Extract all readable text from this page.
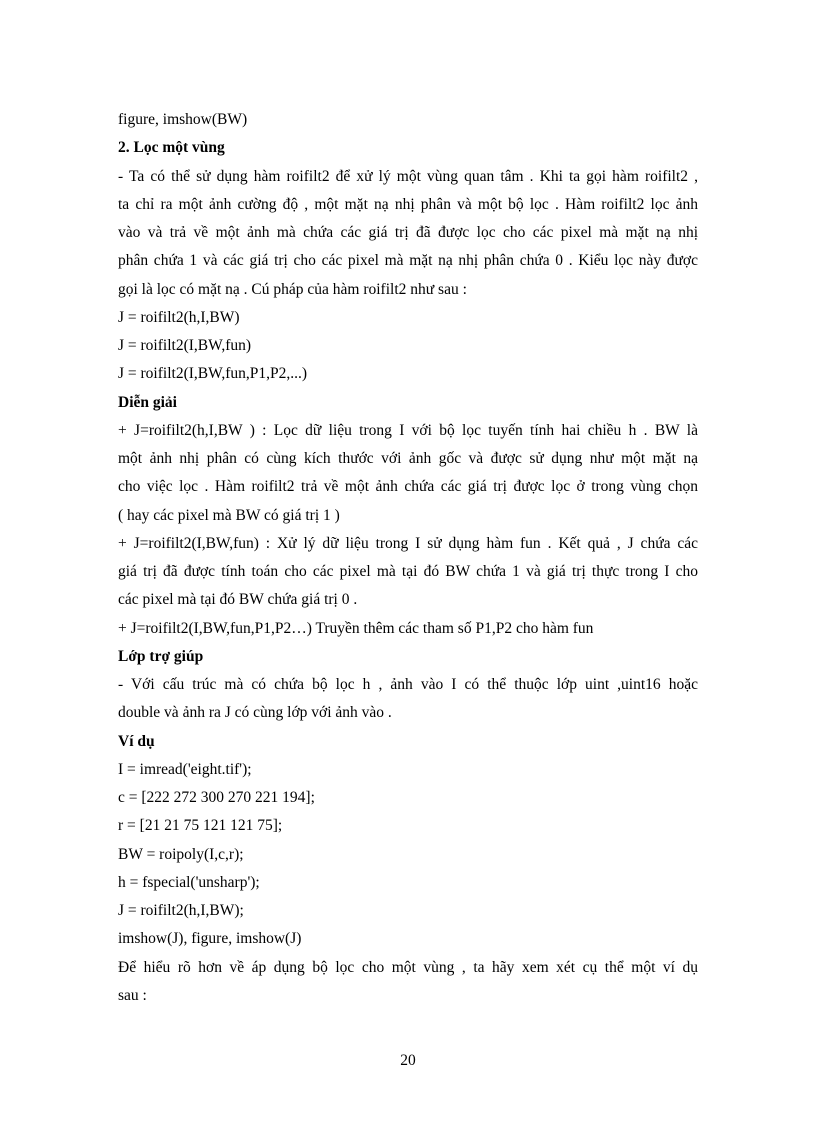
figure, imshow(BW)
2. Lọc một vùng
- Ta có thể sử dụng hàm roifilt2 để xử lý một vùng quan tâm . Khi ta gọi hàm roifilt2 ,
ta chỉ ra một ảnh cường độ , một mặt nạ nhị phân và một bộ lọc . Hàm roifilt2 lọc ảnh
vào và trả về một ảnh mà chứa các giá trị đã được lọc cho các pixel mà mặt nạ nhị
phân chứa 1 và các giá trị cho các pixel mà mặt nạ nhị phân chứa 0 . Kiểu lọc này được
gọi là lọc có mặt nạ . Cú pháp của hàm roifilt2 như sau :
J = roifilt2(h,I,BW)
J = roifilt2(I,BW,fun)
J = roifilt2(I,BW,fun,P1,P2,...)
Diễn giải
+ J=roifilt2(h,I,BW ) : Lọc dữ liệu trong I với bộ lọc tuyến tính hai chiều h . BW là
một ảnh nhị phân có cùng kích thước với ảnh gốc và được sử dụng như một mặt nạ
cho việc lọc . Hàm roifilt2 trả về một ảnh chứa các giá trị được lọc ở trong vùng chọn
( hay các pixel mà BW có giá trị 1 )
+ J=roifilt2(I,BW,fun) : Xử lý dữ liệu trong I sử dụng hàm fun . Kết quả , J chứa các
giá trị đã được tính toán cho các pixel mà tại đó BW chứa 1 và giá trị thực trong I cho
các pixel mà tại đó BW chứa giá trị 0 .
+ J=roifilt2(I,BW,fun,P1,P2…) Truyền thêm các tham số P1,P2 cho hàm fun
Lớp trợ giúp
- Với cấu trúc mà có chứa bộ lọc h , ảnh vào I có thể thuộc lớp uint ,uint16 hoặc
double và ảnh ra J có cùng lớp với ảnh vào .
Ví dụ
I = imread('eight.tif');
c = [222 272 300 270 221 194];
r = [21 21 75 121 121 75];
BW = roipoly(I,c,r);
h = fspecial('unsharp');
J = roifilt2(h,I,BW);
imshow(J), figure, imshow(J)
Để hiểu rõ hơn về áp dụng bộ lọc cho một vùng , ta hãy xem xét cụ thể một ví dụ
sau :
20
